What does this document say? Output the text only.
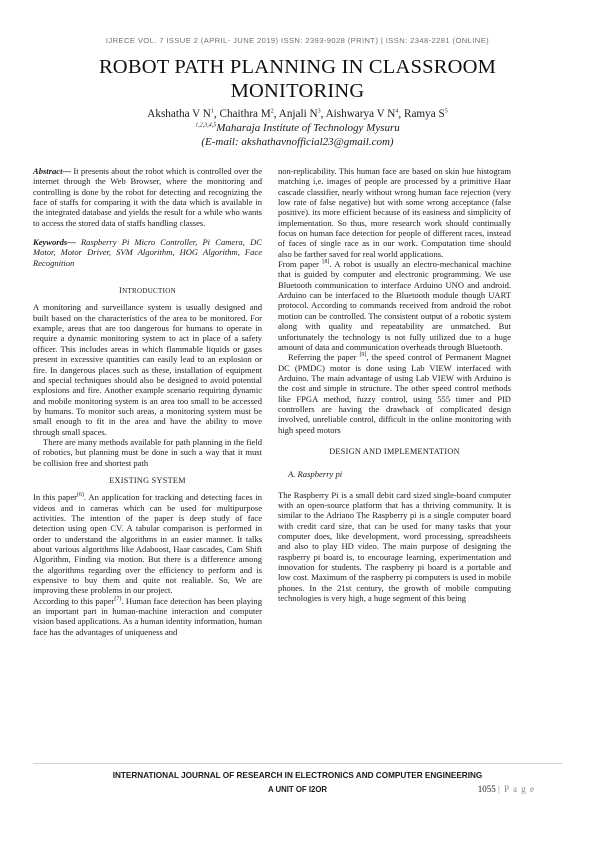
IJRECE VOL. 7 ISSUE 2 (APRIL- JUNE 2019) ISSN: 2393-9028 (PRINT) | ISSN: 2348-2281 (ONLINE)
ROBOT PATH PLANNING IN CLASSROOM MONITORING
Akshatha V $N^1$, Chaithra $M^2$, Anjali $N^3$, Aishwarya V $N^4$, Ramya $S^5$
$^{1,2,3,4,5}$Maharaja Institute of Technology Mysuru
(E-mail: akshathavnofficial23@gmail.com)

Abstract— It presents about the robot which is controlled over the internet through the Web Browser, where the monitoring and controlling is done by the robot for detecting and recognizing the face of staffs for comparing it with the data which is available in the integrated database and yields the result for a while who wants to access the stored data of staffs handling classes.

Keywords— Raspberry Pi Micro Controller, Pi Camera, DC Motor, Motor Driver, SVM Algorithm, HOG Algorithm, Face Recognition

INTRODUCTION

A monitoring and surveillance system is usually designed and built based on the characteristics of the area to be monitored. For example, areas that are too dangerous for humans to operate in require a dynamic monitoring system to act in place of a safety officer. This includes areas in which flammable liquids or gases present in excessive quantities can easily lead to an explosion or fire. In dangerous places such as these, installation of equipment and special techniques should also be designed to avoid potential explosions and fire. Another example scenario requiring dynamic and mobile monitoring system is an area too small to be accessed by humans. To monitor such areas, a monitoring system must be small enough to fit in the area and have the ability to move through small spaces.

There are many methods available for path planning in the field of robotics, but planning must be done in such a way that it must be collision free and shortest path

EXISTING SYSTEM

In this paper$^{(6)}$. An application for tracking and detecting faces in videos and in cameras which can be used for multipurpose activities. The intention of the paper is deep study of face detection using open CV. A tabular comparison is performed in order to understand the algorithms in an easier manner. It talks about various algorithms like Adaboost, Haar cascades, Cam Shift Algorithm, Finding via motion. But there is a difference among the algorithms regarding over the efficiency to perform and is expensive to buy them and quite not realiable. So, We are improving these problems in our project.

According to this paper$^{(7)}$. Human face detection has been playing an important part in human-machine interaction and computer vision based applications. As a human identity information, human face has the advantages of uniqueness and

non-replicability. This human face are based on skin hue histogram matching i,e. images of people are processed by a primitive Haar cascade classifier, nearly without wrong human face rejection (very low rate of false negative) but with some wrong acceptance (false positive). its more efficient because of its easiness and simplicity of implementation. So thus, more research work should continually focus on human face detection for people of different races, instead of faces of single race as in our work. Computation time should also be farther saved for real world applications.

From paper [8]. A robot is usually an electro-mechanical machine that is guided by computer and electronic programming. We use Bluetooth communication to interface Arduino UNO and android. Arduino can be interfaced to the Bluetooth module though UART protocol. According to commands received from android the robot motion can be controlled. The consistent output of a robotic system along with quality and repeatability are unmatched. But unfortunately the technology is not fully utilized due to a huge amount of data and communication overheads through Bluetooth.

Referring the paper [9], the speed control of Permanent Magnet DC (PMDC) motor is done using Lab VIEW interfaced with Arduino. The main advantage of using Lab VIEW with Arduino is the cost and simple in structure. The other speed control methods like FPGA method, fuzzy control, using 555 timer and PID controllers are having the drawback of complicated design involved, unreliable control, difficult in the online monitoring with high speed motors

DESIGN AND IMPLEMENTATION
A. Raspberry pi

The Raspberry Pi is a small debit card sized single-board computer with an open-source platform that has a thriving community. It is similar to the Adriano The Raspberry pi is a single computer board with credit card size, that can be used for many tasks that your computer does, like development, word processing, spreadsheets and also to play HD video. The main purpose of designing the raspberry pi board is, to encourage learning, experimentation and innovation for students. The raspberry pi board is a portable and low cost. Maximum of the raspberry pi computers is used in mobile phones. In the 21st century, the growth of mobile computing technologies is very high, a huge segment of this being

INTERNATIONAL JOURNAL OF RESEARCH IN ELECTRONICS AND COMPUTER ENGINEERING
A UNIT OF I2OR	1055 | P a g e
